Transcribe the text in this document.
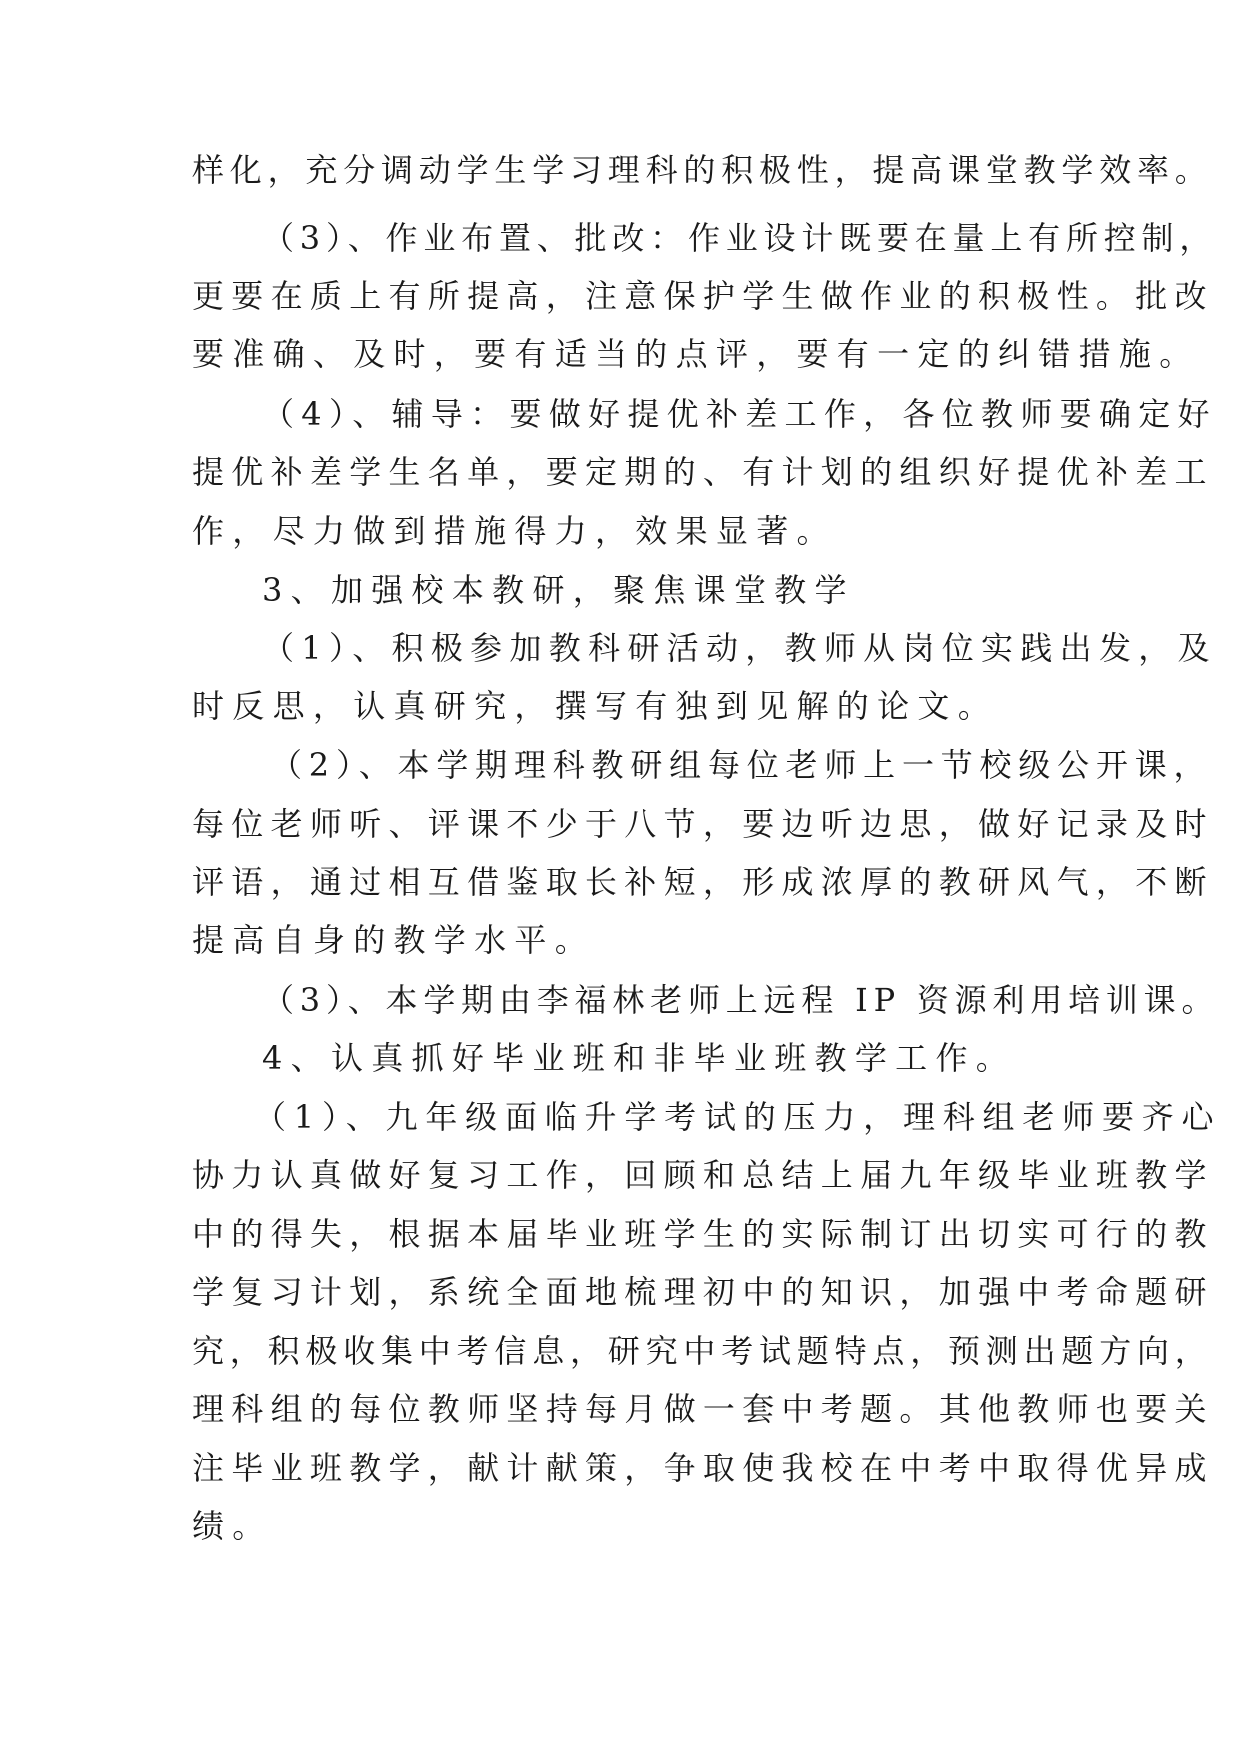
样化，充分调动学生学习理科的积极性，提高课堂教学效率。
（3）、作业布置、批改：作业设计既要在量上有所控制，
更要在质上有所提高，注意保护学生做作业的积极性。批改
要准确、及时，要有适当的点评，要有一定的纠错措施。
（4）、辅导：要做好提优补差工作，各位教师要确定好
提优补差学生名单，要定期的、有计划的组织好提优补差工
作，尽力做到措施得力，效果显著。
3、加强校本教研，聚焦课堂教学
（1）、积极参加教科研活动，教师从岗位实践出发，及
时反思，认真研究，撰写有独到见解的论文。
（2）、本学期理科教研组每位老师上一节校级公开课，
每位老师听、评课不少于八节，要边听边思，做好记录及时
评语，通过相互借鉴取长补短，形成浓厚的教研风气，不断
提高自身的教学水平。
（3）、本学期由李福林老师上远程 IP 资源利用培训课。
4、认真抓好毕业班和非毕业班教学工作。
（1）、九年级面临升学考试的压力，理科组老师要齐心
协力认真做好复习工作，回顾和总结上届九年级毕业班教学
中的得失，根据本届毕业班学生的实际制订出切实可行的教
学复习计划，系统全面地梳理初中的知识，加强中考命题研
究，积极收集中考信息，研究中考试题特点，预测出题方向，
理科组的每位教师坚持每月做一套中考题。其他教师也要关
注毕业班教学，献计献策，争取使我校在中考中取得优异成
绩。
